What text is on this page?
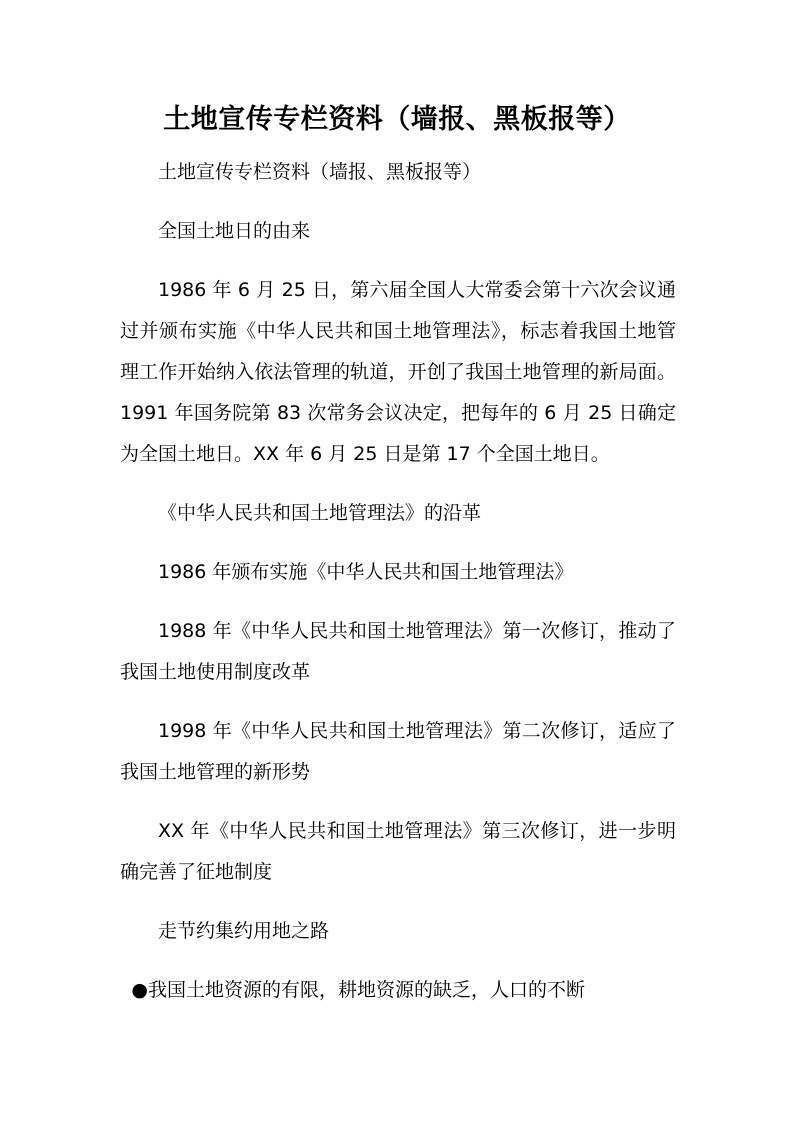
土地宣传专栏资料（墙报、黑板报等）

土地宣传专栏资料（墙报、黑板报等）

全国土地日的由来

1986 年 6 月 25 日，第六届全国人大常委会第十六次会议通过并颁布实施《中华人民共和国土地管理法》，标志着我国土地管理工作开始纳入依法管理的轨道，开创了我国土地管理的新局面。1991 年国务院第 83 次常务会议决定，把每年的 6 月 25 日确定为全国土地日。XX 年 6 月 25 日是第 17 个全国土地日。

《中华人民共和国土地管理法》的沿革

1986 年颁布实施《中华人民共和国土地管理法》

1988 年《中华人民共和国土地管理法》第一次修订，推动了我国土地使用制度改革

1998 年《中华人民共和国土地管理法》第二次修订，适应了我国土地管理的新形势

XX 年《中华人民共和国土地管理法》第三次修订，进一步明确完善了征地制度

走节约集约用地之路

●我国土地资源的有限，耕地资源的缺乏，人口的不断
